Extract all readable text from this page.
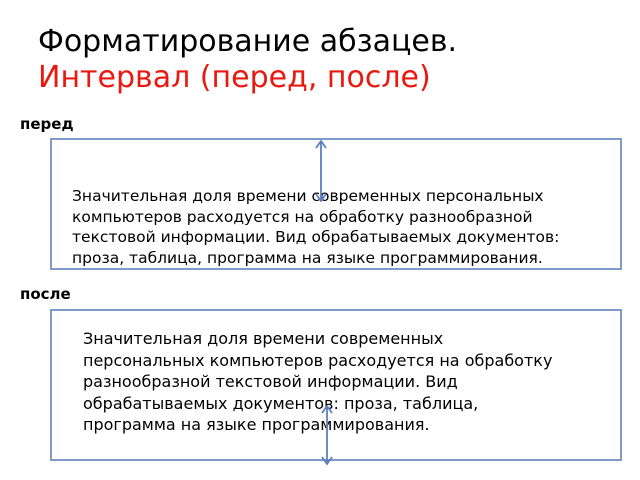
Форматирование абзацев.
Интервал (перед, после)
перед

Значительная доля времени современных персональных
компьютеров расходуется на обработку разнообразной
текстовой информации. Вид обрабатываемых документов:
проза, таблица, программа на языке программирования.

после

Значительная доля времени современных
персональных компьютеров расходуется на обработку
разнообразной текстовой информации. Вид
обрабатываемых документов: проза, таблица,
программа на языке программирования.
